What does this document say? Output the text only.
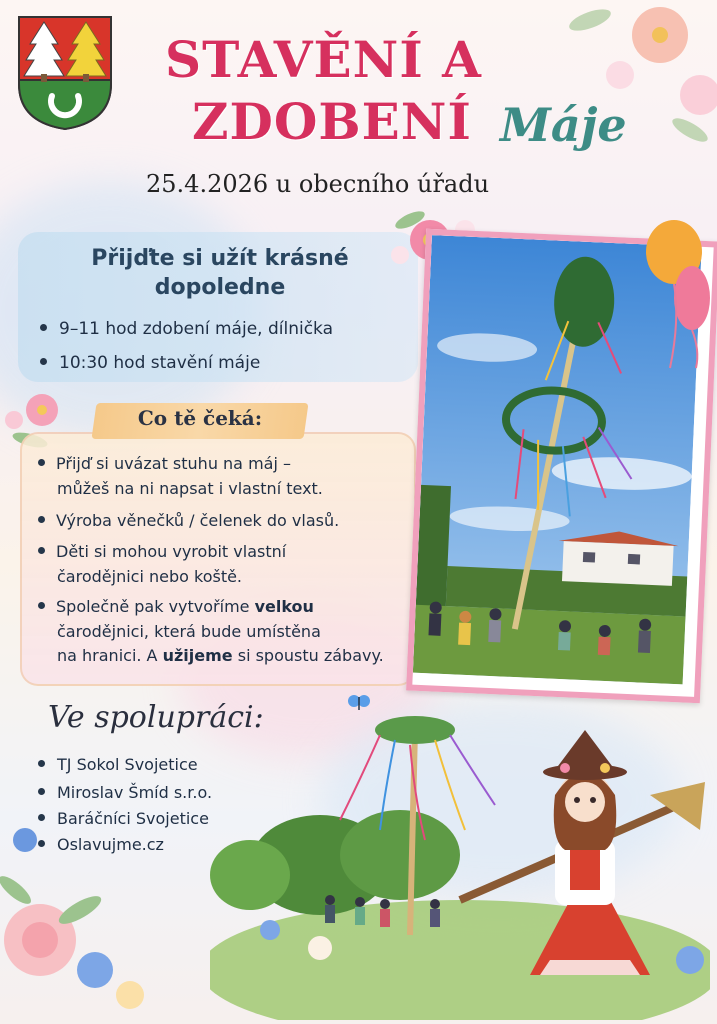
STAVĚNÍ A
ZDOBENÍ Máje
25.4.2026 u obecního úřadu
Přijďte si užít krásné dopoledne
9–11 hod zdobení máje, dílnička
10:30 hod stavění máje
Co tě čeká:
Přijď si uvázat stuhu na máj –
můžeš na ni napsat i vlastní text.
Výroba věnečků / čelenek do vlasů.
Děti si mohou vyrobit vlastní
čarodějnici nebo koště.
Společně pak vytvoříme velkou
čarodějnici, která bude umístěna
na hranici. A užijeme si spoustu zábavy.
Ve spolupráci:
TJ Sokol Svojetice
Miroslav Šmíd s.r.o.
Baráčníci Svojetice
Oslavujme.cz
